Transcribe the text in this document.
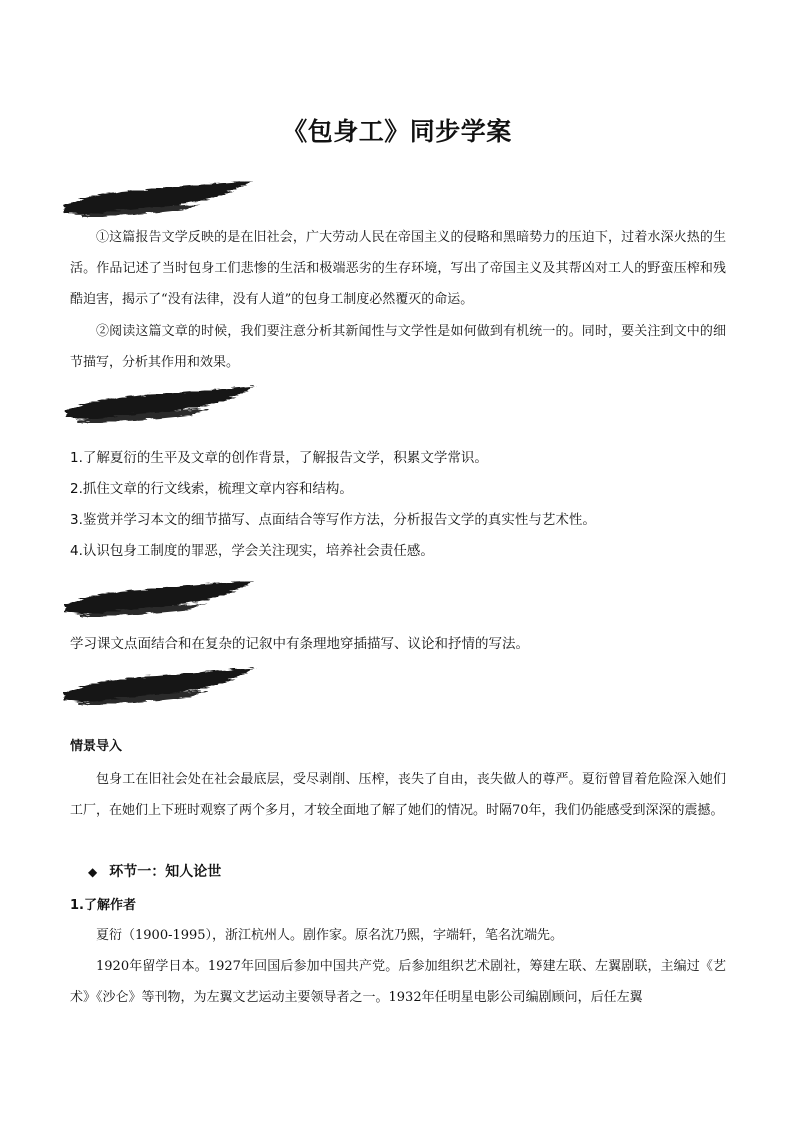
《包身工》同步学案

①这篇报告文学反映的是在旧社会，广大劳动人民在帝国主义的侵略和黑暗势力的压迫下，过着水深火热的生活。作品记述了当时包身工们悲惨的生活和极端恶劣的生存环境，写出了帝国主义及其帮凶对工人的野蛮压榨和残酷迫害，揭示了“没有法律，没有人道”的包身工制度必然覆灭的命运。

②阅读这篇文章的时候，我们要注意分析其新闻性与文学性是如何做到有机统一的。同时，要关注到文中的细节描写，分析其作用和效果。

1.了解夏衍的生平及文章的创作背景，了解报告文学，积累文学常识。

2.抓住文章的行文线索，梳理文章内容和结构。

3.鉴赏并学习本文的细节描写、点面结合等写作方法，分析报告文学的真实性与艺术性。

4.认识包身工制度的罪恶，学会关注现实，培养社会责任感。

学习课文点面结合和在复杂的记叙中有条理地穿插描写、议论和抒情的写法。

情景导入

包身工在旧社会处在社会最底层，受尽剥削、压榨，丧失了自由，丧失做人的尊严。夏衍曾冒着危险深入她们工厂，在她们上下班时观察了两个多月，才较全面地了解了她们的情况。时隔70年，我们仍能感受到深深的震撼。

◆ 环节一：知人论世

1.了解作者

夏衍（1900-1995），浙江杭州人。剧作家。原名沈乃熙，字端轩，笔名沈端先。

1920年留学日本。1927年回国后参加中国共产党。后参加组织艺术剧社，筹建左联、左翼剧联，主编过《艺术》《沙仑》等刊物，为左翼文艺运动主要领导者之一。1932年任明星电影公司编剧顾问，后任左翼
